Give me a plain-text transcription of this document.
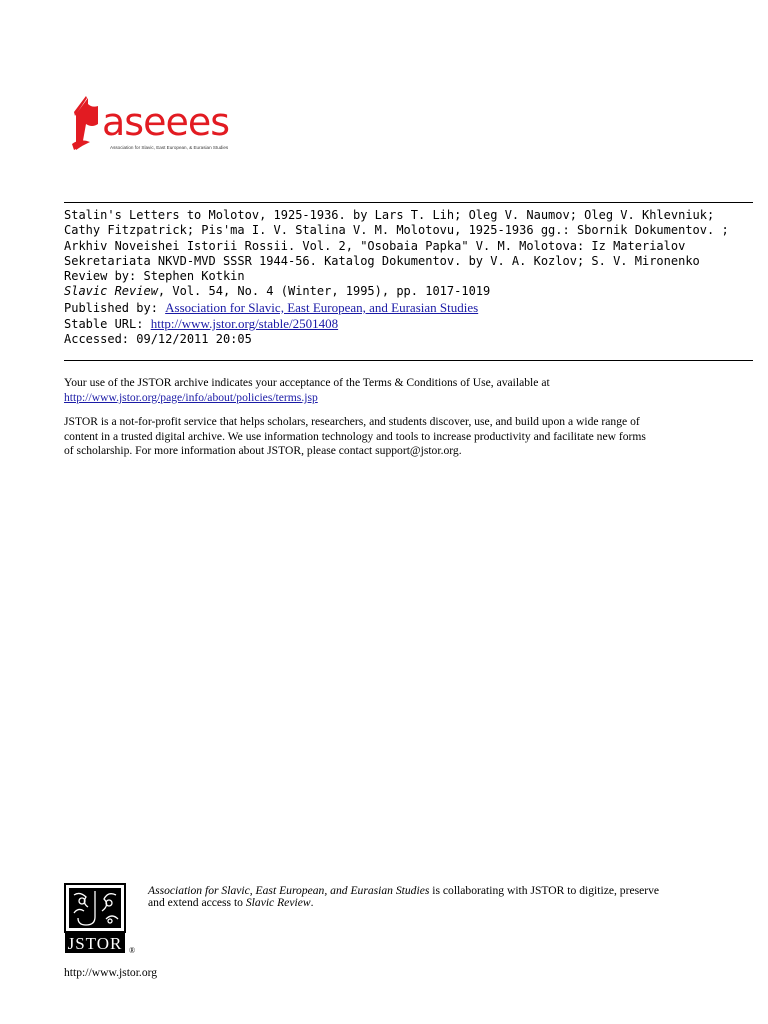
aseees
Association for Slavic, East European, & Eurasian Studies
Stalin's Letters to Molotov, 1925-1936. by Lars T. Lih; Oleg V. Naumov; Oleg V. Khlevniuk;
Cathy Fitzpatrick; Pis'ma I. V. Stalina V. M. Molotovu, 1925-1936 gg.: Sbornik Dokumentov. ;
Arkhiv Noveishei Istorii Rossii. Vol. 2, "Osobaia Papka" V. M. Molotova: Iz Materialov
Sekretariata NKVD-MVD SSSR 1944-56. Katalog Dokumentov. by V. A. Kozlov; S. V. Mironenko
Review by: Stephen Kotkin
Slavic Review, Vol. 54, No. 4 (Winter, 1995), pp. 1017-1019
Published by: Association for Slavic, East European, and Eurasian Studies
Stable URL: http://www.jstor.org/stable/2501408
Accessed: 09/12/2011 20:05

Your use of the JSTOR archive indicates your acceptance of the Terms & Conditions of Use, available at
http://www.jstor.org/page/info/about/policies/terms.jsp

JSTOR is a not-for-profit service that helps scholars, researchers, and students discover, use, and build upon a wide range of
content in a trusted digital archive. We use information technology and tools to increase productivity and facilitate new forms
of scholarship. For more information about JSTOR, please contact support@jstor.org.

JSTOR ®
http://www.jstor.org
Association for Slavic, East European, and Eurasian Studies is collaborating with JSTOR to digitize, preserve
and extend access to Slavic Review.
